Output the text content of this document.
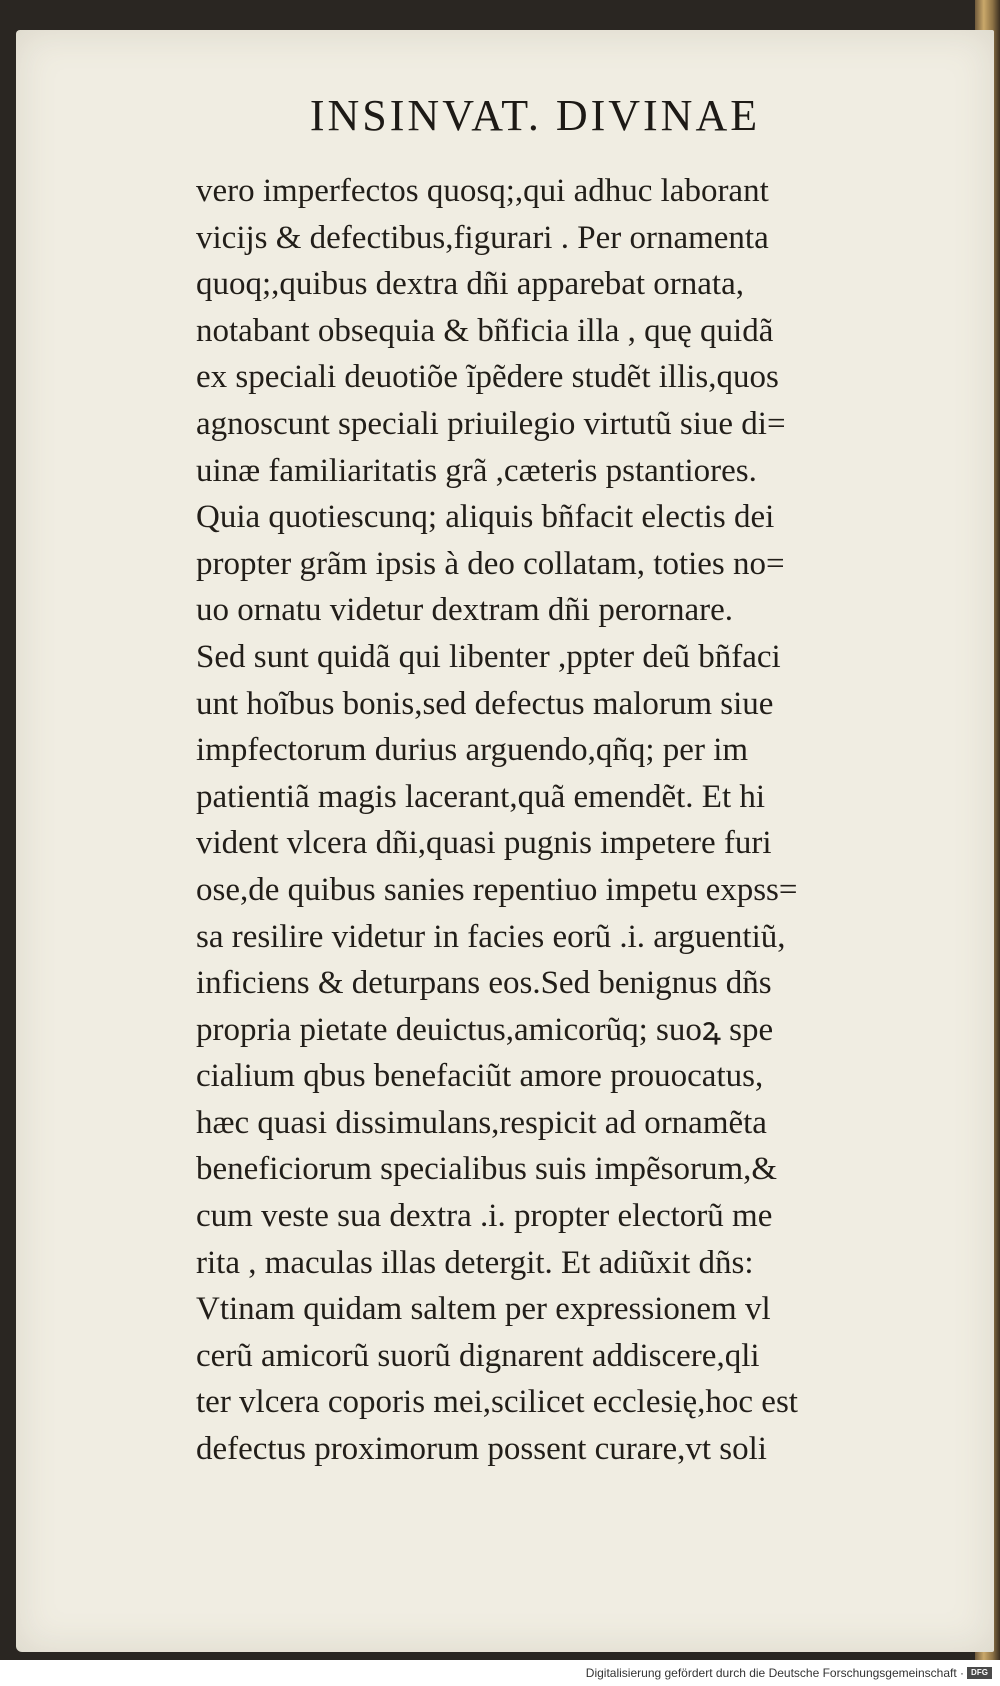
INSINVAT. DIVINAE
vero imperfectos quosq;,qui adhuc laborant
vicijs & defectibus,figurari . Per ornamenta
quoq;,quibus dextra dñi apparebat ornata,
notabant obsequia & bñficia illa , quę quidã
ex speciali deuotiõe ĩpẽdere studẽt illis,quos
agnoscunt speciali priuilegio virtutũ siue di=
uinæ familiaritatis grã ,cæteris pstantiores.
Quia quotiescunq; aliquis bñfacit electis dei
propter grãm ipsis à deo collatam, toties no=
uo ornatu videtur dextram dñi perornare.
Sed sunt quidã qui libenter ,ppter deũ bñfaci
unt hoĩbus bonis,sed defectus malorum siue
impfectorum durius arguendo,qñq; per im
patientiã magis lacerant,quã emendẽt. Et hi
vident vlcera dñi,quasi pugnis impetere furi
ose,de quibus sanies repentiuo impetu expss=
sa resilire videtur in facies eorũ .i. arguentiũ,
inficiens & deturpans eos.Sed benignus dñs
propria pietate deuictus,amicorũq; suoꝝ spe
cialium qbus benefaciũt amore prouocatus,
hæc quasi dissimulans,respicit ad ornamẽta
beneficiorum specialibus suis impẽsorum,&
cum veste sua dextra .i. propter electorũ me
rita , maculas illas detergit. Et adiũxit dñs:
Vtinam quidam saltem per expressionem vl
cerũ amicorũ suorũ dignarent addiscere,qli
ter vlcera coporis mei,scilicet ecclesię,hoc est
defectus proximorum possent curare,vt soli
Digitalisierung gefördert durch die Deutsche Forschungsgemeinschaft · DFG
